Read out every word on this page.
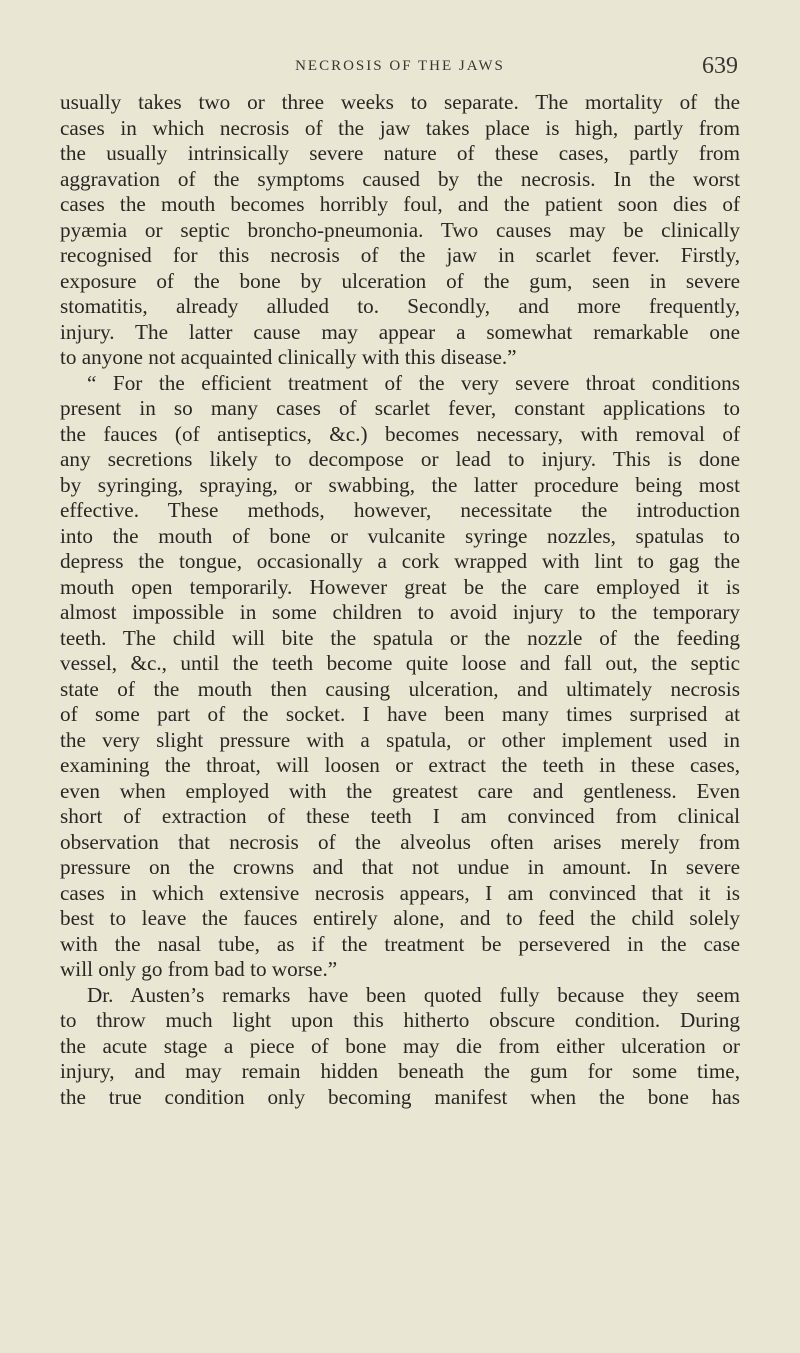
NECROSIS OF THE JAWS	639
usually takes two or three weeks to separate. The mortality of the
cases in which necrosis of the jaw takes place is high, partly from
the usually intrinsically severe nature of these cases, partly from
aggravation of the symptoms caused by the necrosis. In the worst
cases the mouth becomes horribly foul, and the patient soon dies of
pyæmia or septic broncho-pneumonia. Two causes may be clinically
recognised for this necrosis of the jaw in scarlet fever. Firstly,
exposure of the bone by ulceration of the gum, seen in severe
stomatitis, already alluded to. Secondly, and more frequently,
injury. The latter cause may appear a somewhat remarkable one
to anyone not acquainted clinically with this disease.”
“ For the efficient treatment of the very severe throat conditions
present in so many cases of scarlet fever, constant applications to
the fauces (of antiseptics, &c.) becomes necessary, with removal of
any secretions likely to decompose or lead to injury. This is done
by syringing, spraying, or swabbing, the latter procedure being most
effective. These methods, however, necessitate the introduction
into the mouth of bone or vulcanite syringe nozzles, spatulas to
depress the tongue, occasionally a cork wrapped with lint to gag the
mouth open temporarily. However great be the care employed it is
almost impossible in some children to avoid injury to the temporary
teeth. The child will bite the spatula or the nozzle of the feeding
vessel, &c., until the teeth become quite loose and fall out, the septic
state of the mouth then causing ulceration, and ultimately necrosis
of some part of the socket. I have been many times surprised at
the very slight pressure with a spatula, or other implement used in
examining the throat, will loosen or extract the teeth in these cases,
even when employed with the greatest care and gentleness. Even
short of extraction of these teeth I am convinced from clinical
observation that necrosis of the alveolus often arises merely from
pressure on the crowns and that not undue in amount. In severe
cases in which extensive necrosis appears, I am convinced that it is
best to leave the fauces entirely alone, and to feed the child solely
with the nasal tube, as if the treatment be persevered in the case
will only go from bad to worse.”
Dr. Austen’s remarks have been quoted fully because they seem
to throw much light upon this hitherto obscure condition. During
the acute stage a piece of bone may die from either ulceration or
injury, and may remain hidden beneath the gum for some time,
the true condition only becoming manifest when the bone has
